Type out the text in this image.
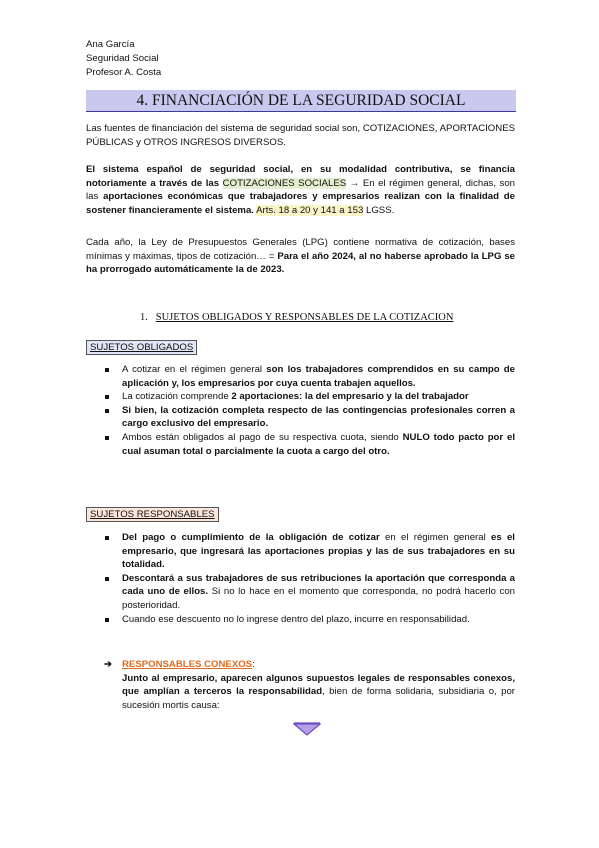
Ana García
Seguridad Social
Profesor A. Costa
4. FINANCIACIÓN DE LA SEGURIDAD SOCIAL

Las fuentes de financiación del sistema de seguridad social son, COTIZACIONES, APORTACIONES PÚBLICAS y OTROS INGRESOS DIVERSOS.

El sistema español de seguridad social, en su modalidad contributiva, se financia notoriamente a través de las COTIZACIONES SOCIALES → En el régimen general, dichas, son las aportaciones económicas que trabajadores y empresarios realizan con la finalidad de sostener financieramente el sistema. Arts. 18 a 20 y 141 a 153 LGSS.

Cada año, la Ley de Presupuestos Generales (LPG) contiene normativa de cotización, bases mínimas y máximas, tipos de cotización… = Para el año 2024, al no haberse aprobado la LPG se ha prorrogado automáticamente la de 2023.

1. SUJETOS OBLIGADOS Y RESPONSABLES DE LA COTIZACION
SUJETOS OBLIGADOS
A cotizar en el régimen general son los trabajadores comprendidos en su campo de aplicación y, los empresarios por cuya cuenta trabajen aquellos.
La cotización comprende 2 aportaciones: la del empresario y la del trabajador
Si bien, la cotización completa respecto de las contingencias profesionales corren a cargo exclusivo del empresario.
Ambos están obligados al pago de su respectiva cuota, siendo NULO todo pacto por el cual asuman total o parcialmente la cuota a cargo del otro.
SUJETOS RESPONSABLES
Del pago o cumplimiento de la obligación de cotizar en el régimen general es el empresario, que ingresará las aportaciones propias y las de sus trabajadores en su totalidad.
Descontará a sus trabajadores de sus retribuciones la aportación que corresponda a cada uno de ellos. Si no lo hace en el momento que corresponda, no podrá hacerlo con posterioridad.
Cuando ese descuento no lo ingrese dentro del plazo, incurre en responsabilidad.
➔ RESPONSABLES CONEXOS:
Junto al empresario, aparecen algunos supuestos legales de responsables conexos, que amplían a terceros la responsabilidad, bien de forma solidaria, subsidiaria o, por sucesión mortis causa:
